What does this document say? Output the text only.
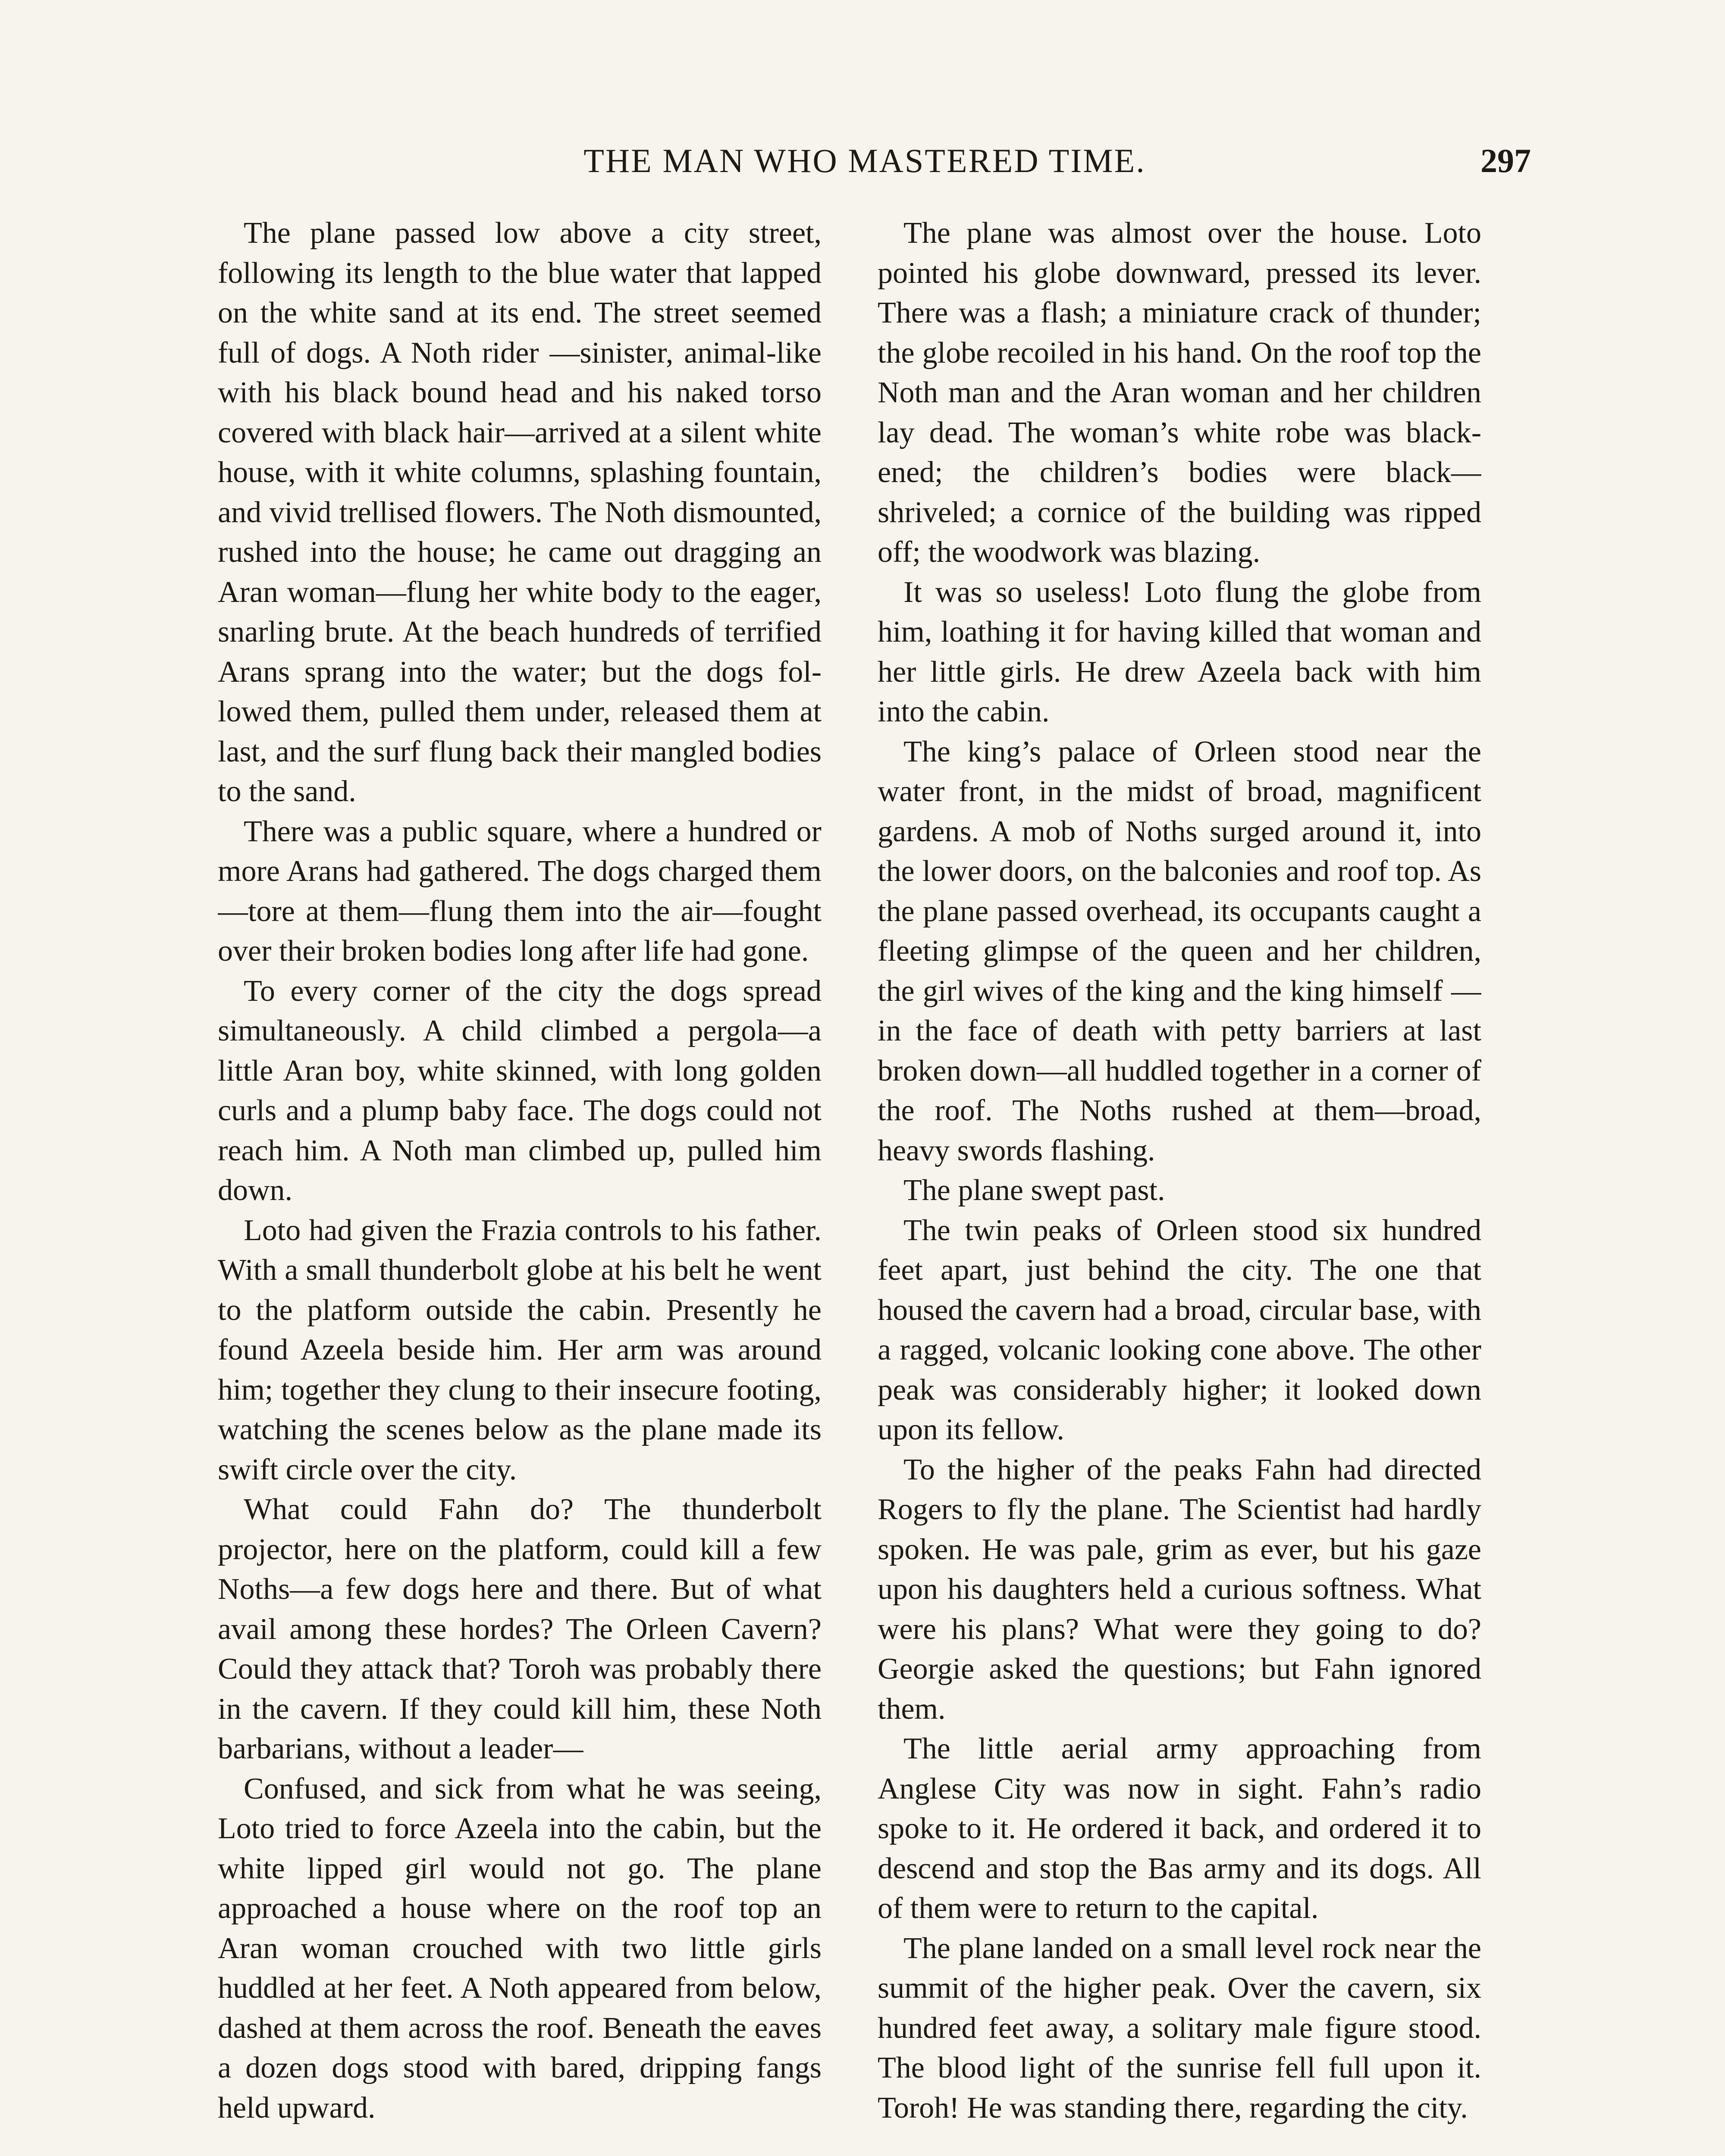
THE MAN WHO MASTERED TIME.	297

The plane passed low above a city street, following its length to the blue water that lapped on the white sand at its end. The street seemed full of dogs. A Noth rider —sinister, animal-like with his black bound head and his naked torso covered with black hair—arrived at a silent white house, with it white columns, splashing fountain, and vivid trellised flowers. The Noth dismounted, rushed into the house; he came out dragging an Aran woman—flung her white body to the eager, snarling brute. At the beach hundreds of terrified Arans sprang into the water; but the dogs followed them, pulled them under, released them at last, and the surf flung back their mangled bodies to the sand.

There was a public square, where a hundred or more Arans had gathered. The dogs charged them—tore at them—flung them into the air—fought over their broken bodies long after life had gone.

To every corner of the city the dogs spread simultaneously. A child climbed a pergola—a little Aran boy, white skinned, with long golden curls and a plump baby face. The dogs could not reach him. A Noth man climbed up, pulled him down.

Loto had given the Frazia controls to his father. With a small thunderbolt globe at his belt he went to the platform outside the cabin. Presently he found Azeela beside him. Her arm was around him; together they clung to their insecure footing, watching the scenes below as the plane made its swift circle over the city.

What could Fahn do? The thunderbolt projector, here on the platform, could kill a few Noths—a few dogs here and there. But of what avail among these hordes? The Orleen Cavern? Could they attack that? Toroh was probably there in the cavern. If they could kill him, these Noth barbarians, without a leader—

Confused, and sick from what he was seeing, Loto tried to force Azeela into the cabin, but the white lipped girl would not go. The plane approached a house where on the roof top an Aran woman crouched with two little girls huddled at her feet. A Noth appeared from below, dashed at them across the roof. Beneath the eaves a dozen dogs stood with bared, dripping fangs held upward.

The plane was almost over the house. Loto pointed his globe downward, pressed its lever. There was a flash; a miniature crack of thunder; the globe recoiled in his hand. On the roof top the Noth man and the Aran woman and her children lay dead. The woman’s white robe was blackened; the children’s bodies were black—shriveled; a cornice of the building was ripped off; the woodwork was blazing.

It was so useless! Loto flung the globe from him, loathing it for having killed that woman and her little girls. He drew Azeela back with him into the cabin.

The king’s palace of Orleen stood near the water front, in the midst of broad, magnificent gardens. A mob of Noths surged around it, into the lower doors, on the balconies and roof top. As the plane passed overhead, its occupants caught a fleeting glimpse of the queen and her children, the girl wives of the king and the king himself —in the face of death with petty barriers at last broken down—all huddled together in a corner of the roof. The Noths rushed at them—broad, heavy swords flashing.

The plane swept past.

The twin peaks of Orleen stood six hundred feet apart, just behind the city. The one that housed the cavern had a broad, circular base, with a ragged, volcanic looking cone above. The other peak was considerably higher; it looked down upon its fellow.

To the higher of the peaks Fahn had directed Rogers to fly the plane. The Scientist had hardly spoken. He was pale, grim as ever, but his gaze upon his daughters held a curious softness. What were his plans? What were they going to do? Georgie asked the questions; but Fahn ignored them.

The little aerial army approaching from Anglese City was now in sight. Fahn’s radio spoke to it. He ordered it back, and ordered it to descend and stop the Bas army and its dogs. All of them were to return to the capital.

The plane landed on a small level rock near the summit of the higher peak. Over the cavern, six hundred feet away, a solitary male figure stood. The blood light of the sunrise fell full upon it. Toroh! He was standing there, regarding the city.
